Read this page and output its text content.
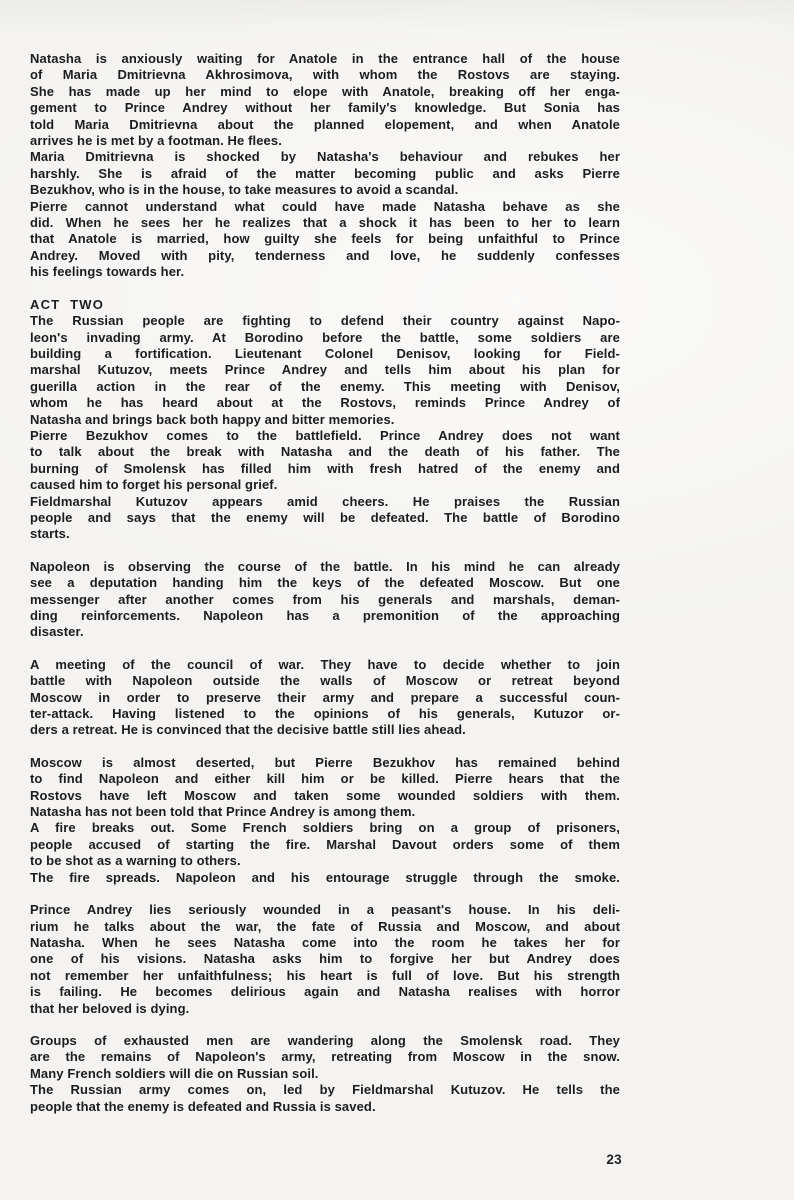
Natasha is anxiously waiting for Anatole in the entrance hall of the house
of Maria Dmitrievna Akhrosimova, with whom the Rostovs are staying.
She has made up her mind to elope with Anatole, breaking off her enga-
gement to Prince Andrey without her family's knowledge. But Sonia has
told Maria Dmitrievna about the planned elopement, and when Anatole
arrives he is met by a footman. He flees.
Maria Dmitrievna is shocked by Natasha's behaviour and rebukes her
harshly. She is afraid of the matter becoming public and asks Pierre
Bezukhov, who is in the house, to take measures to avoid a scandal.
Pierre cannot understand what could have made Natasha behave as she
did. When he sees her he realizes that a shock it has been to her to learn
that Anatole is married, how guilty she feels for being unfaithful to Prince
Andrey. Moved with pity, tenderness and love, he suddenly confesses
his feelings towards her.
ACT TWO
The Russian people are fighting to defend their country against Napo-
leon's invading army. At Borodino before the battle, some soldiers are
building a fortification. Lieutenant Colonel Denisov, looking for Field-
marshal Kutuzov, meets Prince Andrey and tells him about his plan for
guerilla action in the rear of the enemy. This meeting with Denisov,
whom he has heard about at the Rostovs, reminds Prince Andrey of
Natasha and brings back both happy and bitter memories.
Pierre Bezukhov comes to the battlefield. Prince Andrey does not want
to talk about the break with Natasha and the death of his father. The
burning of Smolensk has filled him with fresh hatred of the enemy and
caused him to forget his personal grief.
Fieldmarshal Kutuzov appears amid cheers. He praises the Russian
people and says that the enemy will be defeated. The battle of Borodino
starts.
Napoleon is observing the course of the battle. In his mind he can already
see a deputation handing him the keys of the defeated Moscow. But one
messenger after another comes from his generals and marshals, deman-
ding reinforcements. Napoleon has a premonition of the approaching
disaster.
A meeting of the council of war. They have to decide whether to join
battle with Napoleon outside the walls of Moscow or retreat beyond
Moscow in order to preserve their army and prepare a successful coun-
ter-attack. Having listened to the opinions of his generals, Kutuzor or-
ders a retreat. He is convinced that the decisive battle still lies ahead.
Moscow is almost deserted, but Pierre Bezukhov has remained behind
to find Napoleon and either kill him or be killed. Pierre hears that the
Rostovs have left Moscow and taken some wounded soldiers with them.
Natasha has not been told that Prince Andrey is among them.
A fire breaks out. Some French soldiers bring on a group of prisoners,
people accused of starting the fire. Marshal Davout orders some of them
to be shot as a warning to others.
The fire spreads. Napoleon and his entourage struggle through the smoke.
Prince Andrey lies seriously wounded in a peasant's house. In his deli-
rium he talks about the war, the fate of Russia and Moscow, and about
Natasha. When he sees Natasha come into the room he takes her for
one of his visions. Natasha asks him to forgive her but Andrey does
not remember her unfaithfulness; his heart is full of love. But his strength
is failing. He becomes delirious again and Natasha realises with horror
that her beloved is dying.
Groups of exhausted men are wandering along the Smolensk road. They
are the remains of Napoleon's army, retreating from Moscow in the snow.
Many French soldiers will die on Russian soil.
The Russian army comes on, led by Fieldmarshal Kutuzov. He tells the
people that the enemy is defeated and Russia is saved.
23
